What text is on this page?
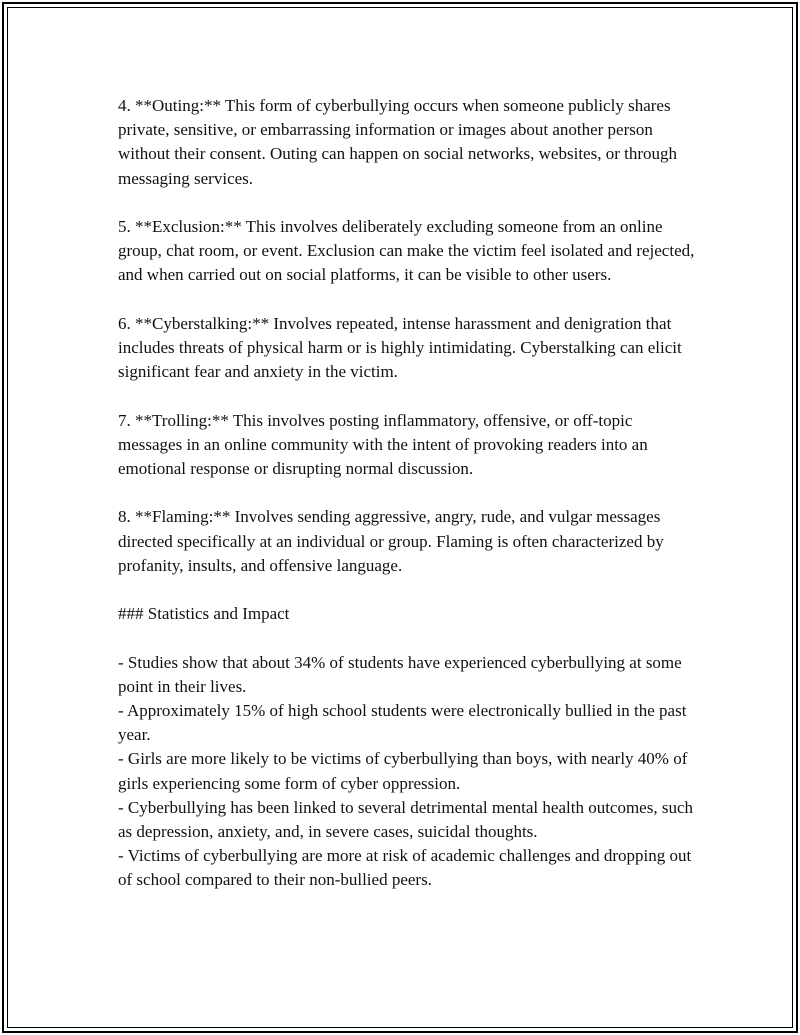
4. **Outing:** This form of cyberbullying occurs when someone publicly shares private, sensitive, or embarrassing information or images about another person without their consent. Outing can happen on social networks, websites, or through messaging services.

5. **Exclusion:** This involves deliberately excluding someone from an online group, chat room, or event. Exclusion can make the victim feel isolated and rejected, and when carried out on social platforms, it can be visible to other users.

6. **Cyberstalking:** Involves repeated, intense harassment and denigration that includes threats of physical harm or is highly intimidating. Cyberstalking can elicit significant fear and anxiety in the victim.

7. **Trolling:** This involves posting inflammatory, offensive, or off-topic messages in an online community with the intent of provoking readers into an emotional response or disrupting normal discussion.

8. **Flaming:** Involves sending aggressive, angry, rude, and vulgar messages directed specifically at an individual or group. Flaming is often characterized by profanity, insults, and offensive language.

### Statistics and Impact

- Studies show that about 34% of students have experienced cyberbullying at some point in their lives.

- Approximately 15% of high school students were electronically bullied in the past year.

- Girls are more likely to be victims of cyberbullying than boys, with nearly 40% of girls experiencing some form of cyber oppression.

- Cyberbullying has been linked to several detrimental mental health outcomes, such as depression, anxiety, and, in severe cases, suicidal thoughts.

- Victims of cyberbullying are more at risk of academic challenges and dropping out of school compared to their non-bullied peers.
